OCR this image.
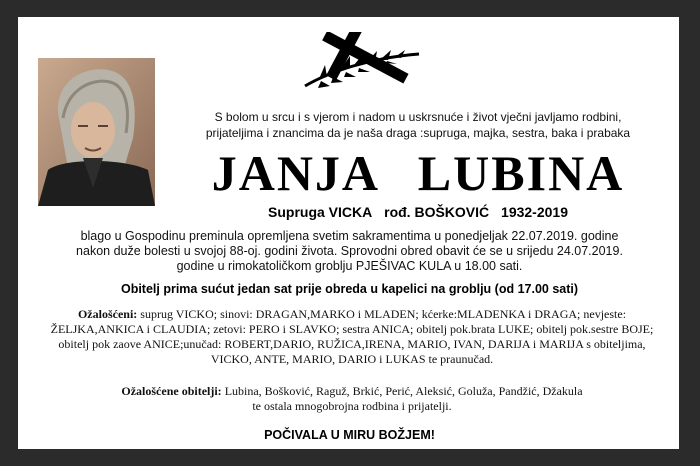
S bolom u srcu i s vjerom i nadom u uskrsnuće i život vječni javljamo rodbini,
prijateljima i znancima da je naša draga :supruga, majka, sestra, baka i prabaka
JANJA LUBINA
Supruga VICKA rođ. BOŠKOVIĆ 1932-2019
blago u Gospodinu preminula opremljena svetim sakramentima u ponedjeljak 22.07.2019. godine
nakon duže bolesti u svojoj 88-oj. godini života. Sprovodni obred obavit će se u srijedu 24.07.2019.
godine u rimokatoličkom groblju PJEŠIVAC KULA u 18.00 sati.
Obitelj prima sućut jedan sat prije obreda u kapelici na groblju (od 17.00 sati)
Ožalošćeni: suprug VICKO; sinovi: DRAGAN,MARKO i MLADEN; kćerke:MLADENKA i DRAGA; nevjeste: ŽELJKA,ANKICA i CLAUDIA; zetovi: PERO i SLAVKO; sestra ANICA; obitelj pok.brata LUKE; obitelj pok.sestre BOJE; obitelj pok zaove ANICE;unučad: ROBERT,DARIO, RUŽICA,IRENA, MARIO, IVAN, DARIJA i MARIJA s obiteljima, VICKO, ANTE, MARIO, DARIO i LUKAS te praunučad.
Ožalošćene obitelji: Lubina, Bošković, Raguž, Brkić, Perić, Aleksić, Goluža, Pandžić, Džakula
te ostala mnogobrojna rodbina i prijatelji.
POČIVALA U MIRU BOŽJEM!
